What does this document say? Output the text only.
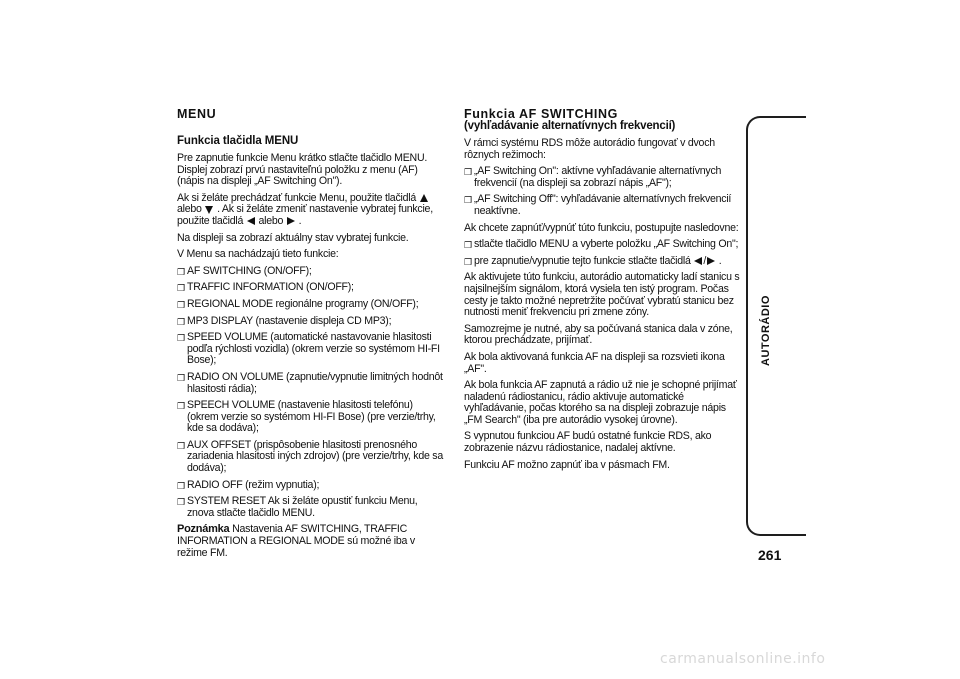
MENU
Funkcia tlačidla MENU

Pre zapnutie funkcie Menu krátko stlačte tlačidlo MENU. Displej zobrazí prvú nastaviteľnú položku z menu (AF) (nápis na displeji „AF Switching On").

Ak si želáte prechádzať funkcie Menu, použite tlačidlá  alebo . Ak si želáte zmeniť nastavenie vybratej funkcie, použite tlačidlá alebo .

Na displeji sa zobrazí aktuálny stav vybratej funkcie.

V Menu sa nachádzajú tieto funkcie:

❒ AF SWITCHING (ON/OFF);
❒ TRAFFIC INFORMATION (ON/OFF);
❒ REGIONAL MODE regionálne programy (ON/OFF);
❒ MP3 DISPLAY (nastavenie displeja CD MP3);
❒ SPEED VOLUME (automatické nastavovanie hlasitosti podľa rýchlosti vozidla) (okrem verzie so systémom HI-FI Bose);
❒ RADIO ON VOLUME (zapnutie/vypnutie limitných hodnôt hlasitosti rádia);
❒ SPEECH VOLUME (nastavenie hlasitosti telefónu) (okrem verzie so systémom HI-FI Bose) (pre verzie/trhy, kde sa dodáva);
❒ AUX OFFSET (prispôsobenie hlasitosti prenosného zariadenia hlasitosti iných zdrojov) (pre verzie/trhy, kde sa dodáva);
❒ RADIO OFF (režim vypnutia);
❒ SYSTEM RESET Ak si želáte opustiť funkciu Menu, znova stlačte tlačidlo MENU.

Poznámka Nastavenia AF SWITCHING, TRAFFIC INFORMATION a REGIONAL MODE sú možné iba v režime FM.

Funkcia AF SWITCHING
(vyhľadávanie alternatívnych frekvencií)

V rámci systému RDS môže autorádio fungovať v dvoch rôznych režimoch:

❒ „AF Switching On": aktívne vyhľadávanie alternatívnych frekvencií (na displeji sa zobrazí nápis „AF");
❒ „AF Switching Off": vyhľadávanie alternatívnych frekvencií neaktívne.

Ak chcete zapnúť/vypnúť túto funkciu, postupujte nasledovne:

❒ stlačte tlačidlo MENU a vyberte položku „AF Switching On";
❒ pre zapnutie/vypnutie tejto funkcie stlačte tlačidlá / .

Ak aktivujete túto funkciu, autorádio automaticky ladí stanicu s najsilnejším signálom, ktorá vysiela ten istý program. Počas cesty je takto možné nepretržite počúvať vybratú stanicu bez nutnosti meniť frekvenciu pri zmene zóny.

Samozrejme je nutné, aby sa počúvaná stanica dala v zóne, ktorou prechádzate, prijímať.

Ak bola aktivovaná funkcia AF na displeji sa rozsvieti ikona „AF".

Ak bola funkcia AF zapnutá a rádio už nie je schopné prijímať naladenú rádiostanicu, rádio aktivuje automatické vyhľadávanie, počas ktorého sa na displeji zobrazuje nápis „FM Search" (iba pre autorádio vysokej úrovne).

S vypnutou funkciou AF budú ostatné funkcie RDS, ako zobrazenie názvu rádiostanice, nadalej aktívne.

Funkciu AF možno zapnúť iba v pásmach FM.

AUTORÁDIO
261
carmanualsonline.info
